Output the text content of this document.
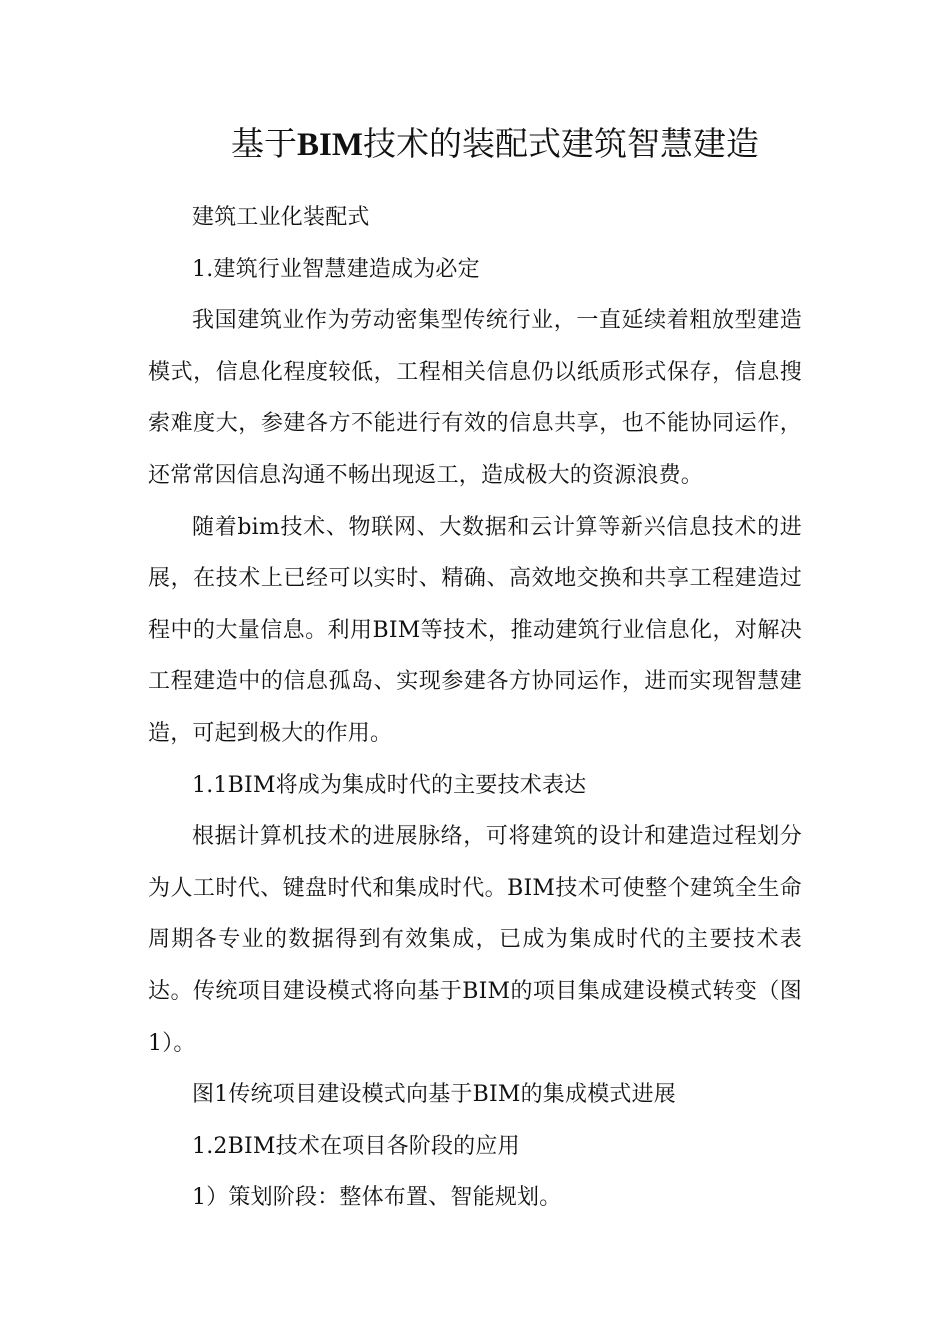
基于BIM技术的装配式建筑智慧建造

建筑工业化装配式

1.建筑行业智慧建造成为必定

我国建筑业作为劳动密集型传统行业，一直延续着粗放型建造模式，信息化程度较低，工程相关信息仍以纸质形式保存，信息搜索难度大，参建各方不能进行有效的信息共享，也不能协同运作，还常常因信息沟通不畅出现返工，造成极大的资源浪费。

随着bim技术、物联网、大数据和云计算等新兴信息技术的进展，在技术上已经可以实时、精确、高效地交换和共享工程建造过程中的大量信息。利用BIM等技术，推动建筑行业信息化，对解决工程建造中的信息孤岛、实现参建各方协同运作，进而实现智慧建造，可起到极大的作用。

1.1BIM将成为集成时代的主要技术表达

根据计算机技术的进展脉络，可将建筑的设计和建造过程划分为人工时代、键盘时代和集成时代。BIM技术可使整个建筑全生命周期各专业的数据得到有效集成，已成为集成时代的主要技术表达。传统项目建设模式将向基于BIM的项目集成建设模式转变（图1）。

图1传统项目建设模式向基于BIM的集成模式进展

1.2BIM技术在项目各阶段的应用

1）策划阶段：整体布置、智能规划。
